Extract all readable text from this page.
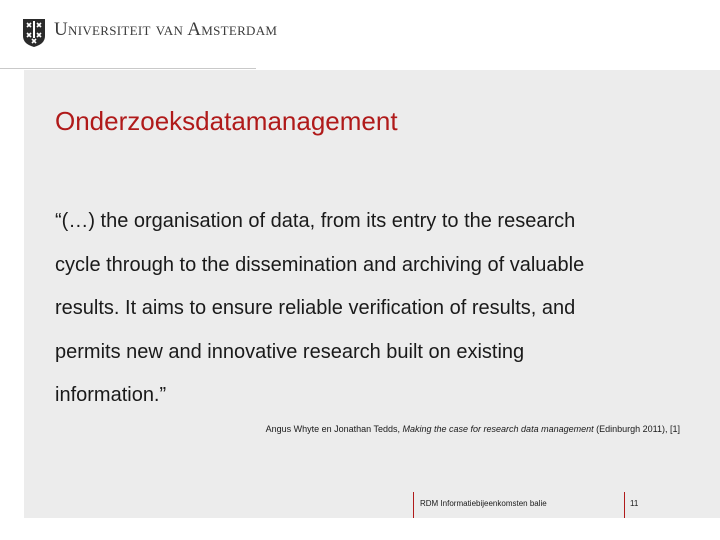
Universiteit van Amsterdam
Onderzoeksdatamanagement
“(…) the organisation of data, from its entry to the research
cycle through to the dissemination and archiving of valuable
results. It aims to ensure reliable verification of results, and
permits new and innovative research built on existing
information.”
Angus Whyte en Jonathan Tedds, Making the case for research data management (Edinburgh 2011), [1]
RDM Informatiebijeenkomsten balie	11
